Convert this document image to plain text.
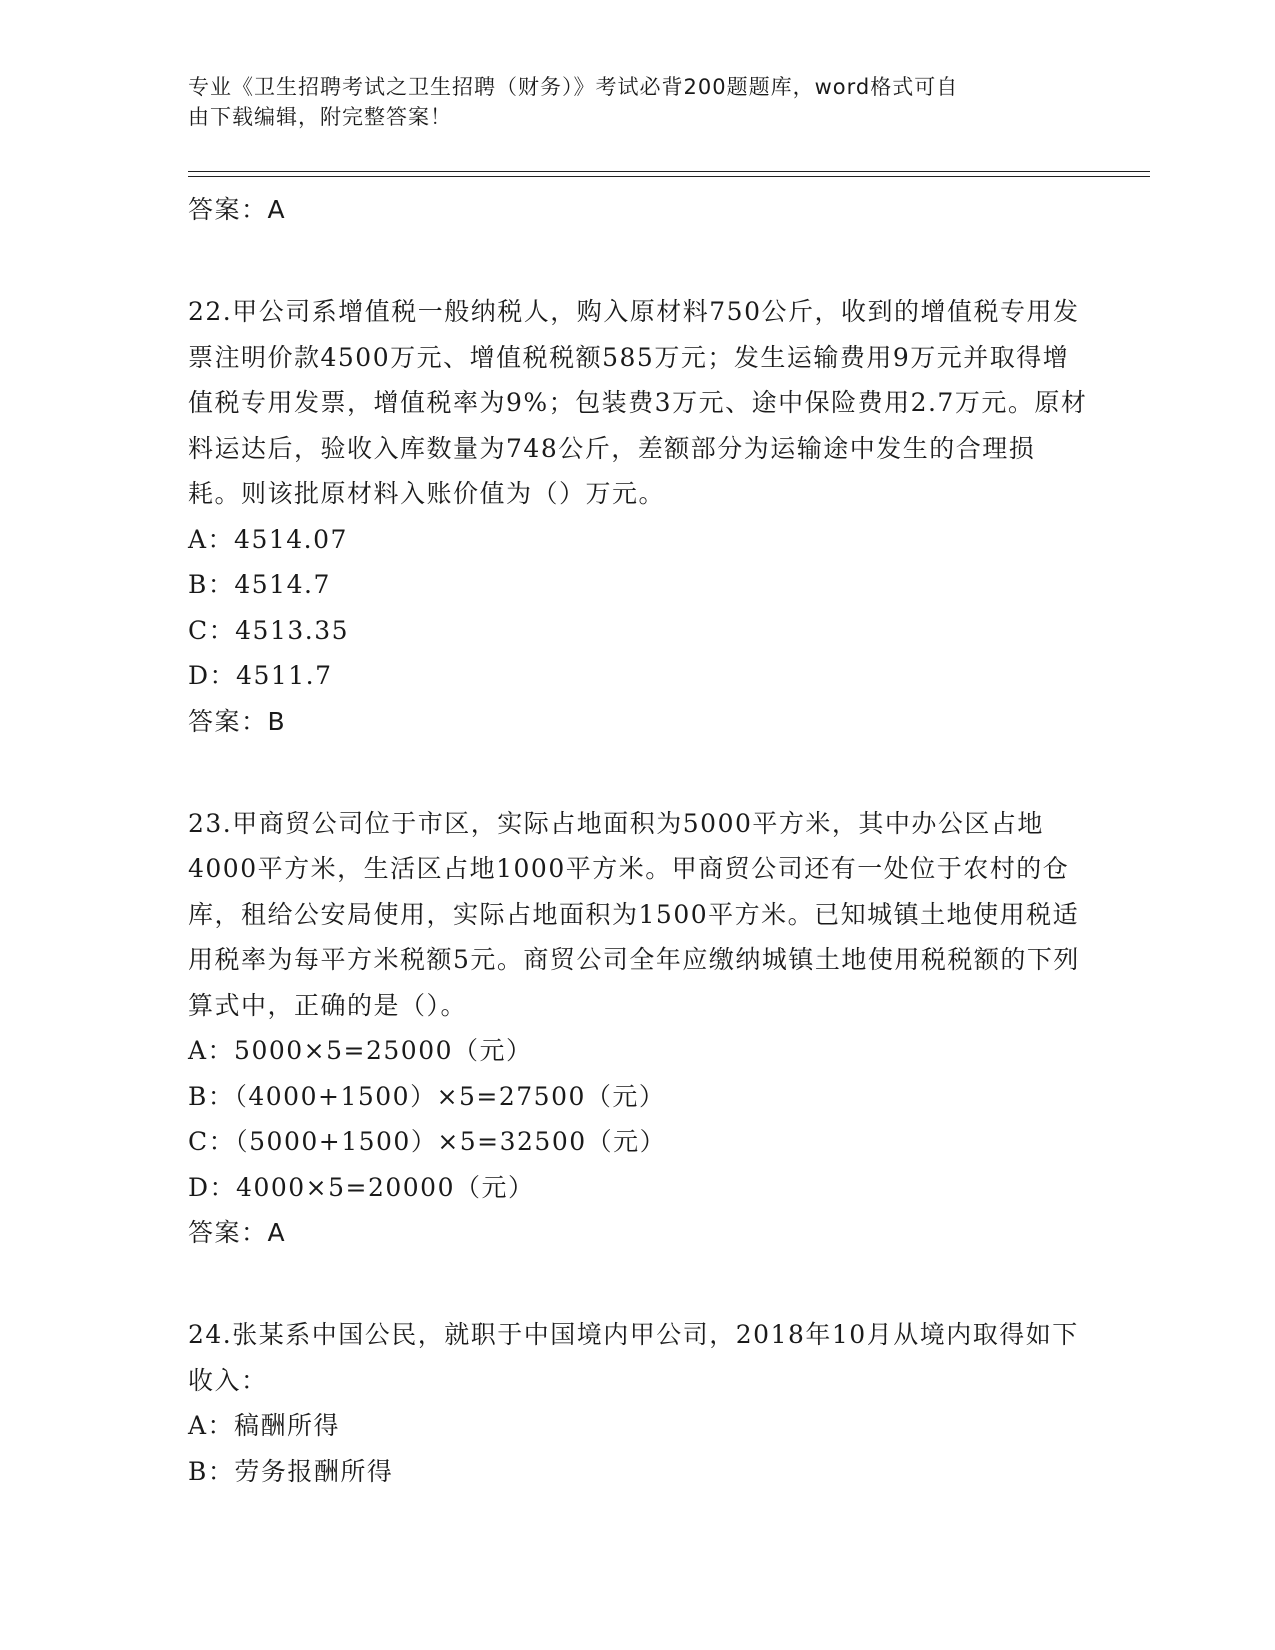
专业《卫生招聘考试之卫生招聘（财务）》考试必背200题题库，word格式可自
由下载编辑，附完整答案！
答案：A
22.甲公司系增值税一般纳税人，购入原材料750公斤，收到的增值税专用发票注明价款4500万元、增值税税额585万元；发生运输费用9万元并取得增值税专用发票，增值税率为9%；包装费3万元、途中保险费用2.7万元。原材料运达后，验收入库数量为748公斤，差额部分为运输途中发生的合理损耗。则该批原材料入账价值为（）万元。
A：4514.07
B：4514.7
C：4513.35
D：4511.7
答案：B
23.甲商贸公司位于市区，实际占地面积为5000平方米，其中办公区占地4000平方米，生活区占地1000平方米。甲商贸公司还有一处位于农村的仓库，租给公安局使用，实际占地面积为1500平方米。已知城镇土地使用税适用税率为每平方米税额5元。商贸公司全年应缴纳城镇土地使用税税额的下列算式中，正确的是（）。
A：5000×5=25000（元）
B：（4000+1500）×5=27500（元）
C：（5000+1500）×5=32500（元）
D：4000×5=20000（元）
答案：A
24.张某系中国公民，就职于中国境内甲公司，2018年10月从境内取得如下收入：
A：稿酬所得
B：劳务报酬所得
